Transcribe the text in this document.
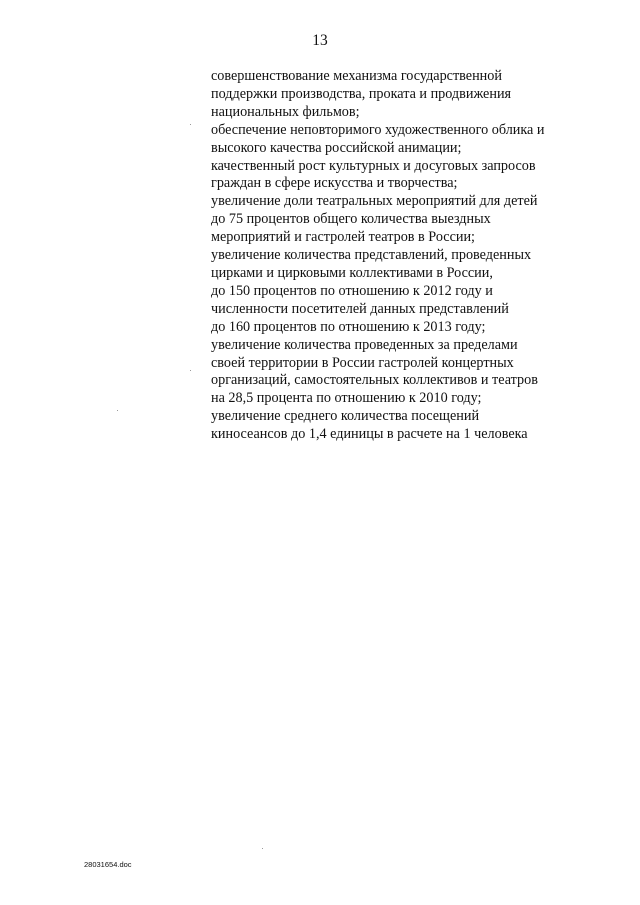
13
совершенствование механизма государственной
поддержки производства, проката и продвижения
национальных фильмов;
обеспечение неповторимого художественного облика и
высокого качества российской анимации;
качественный рост культурных и досуговых запросов
граждан в сфере искусства и творчества;
увеличение доли театральных мероприятий для детей
до 75 процентов общего количества выездных
мероприятий и гастролей театров в России;
увеличение количества представлений, проведенных
цирками и цирковыми коллективами в России,
до 150 процентов по отношению к 2012 году и
численности посетителей данных представлений
до 160 процентов по отношению к 2013 году;
увеличение количества проведенных за пределами
своей территории в России гастролей концертных
организаций, самостоятельных коллективов и театров
на 28,5 процента по отношению к 2010 году;
увеличение среднего количества посещений
киносеансов до 1,4 единицы в расчете на 1 человека
28031654.doc
